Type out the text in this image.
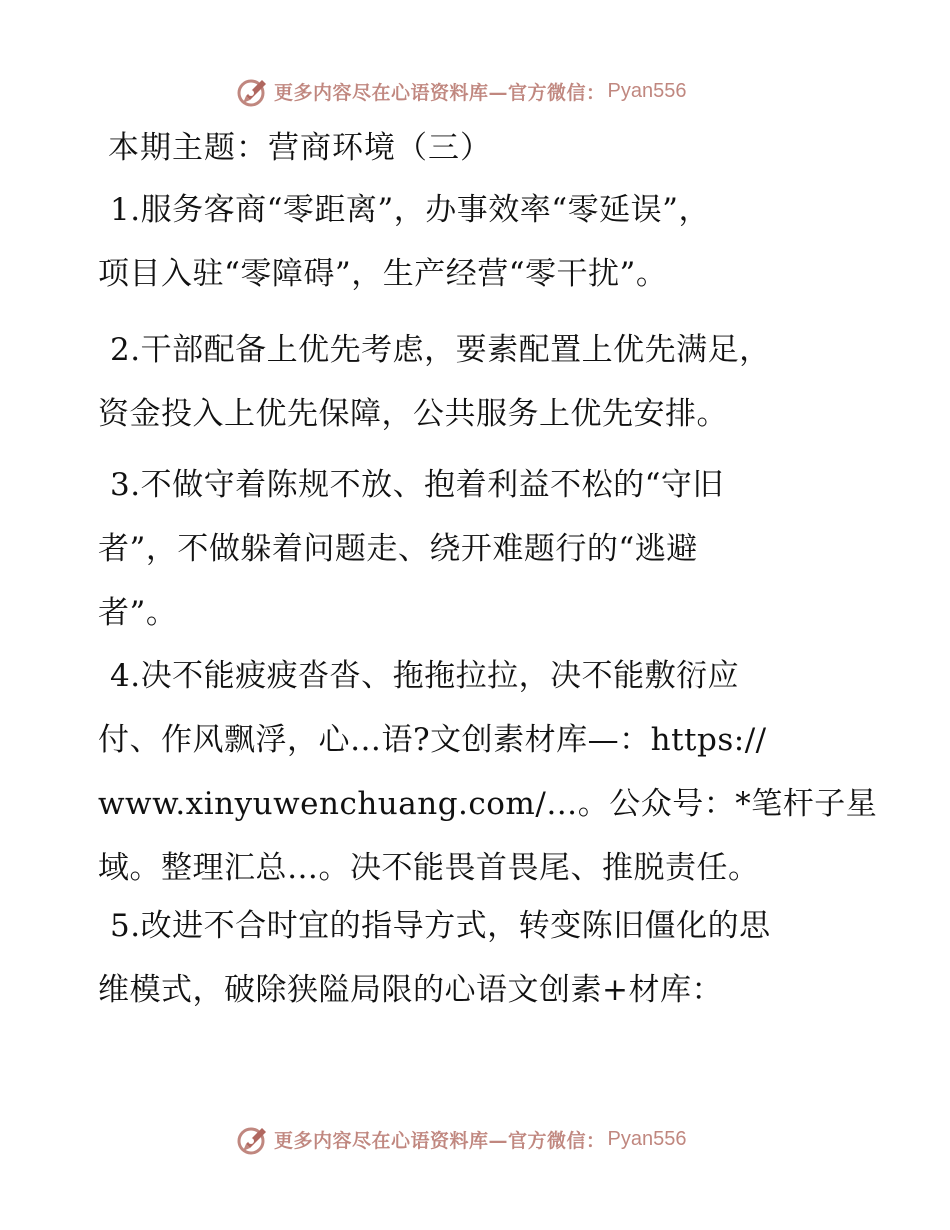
更多内容尽在心语资料库—官方微信： Pyan556
本期主题：营商环境（三）
1.服务客商“零距离”，办事效率“零延误”，
项目入驻“零障碍”，生产经营“零干扰”。
2.干部配备上优先考虑，要素配置上优先满足，
资金投入上优先保障，公共服务上优先安排。
3.不做守着陈规不放、抱着利益不松的“守旧
者”，不做躲着问题走、绕开难题行的“逃避
者”。
4.决不能疲疲沓沓、拖拖拉拉，决不能敷衍应
付、作风飘浮，心…语?文创素材库—：https://
www.xinyuwenchuang.com/…。公众号：*笔杆子星
域。整理汇总…。决不能畏首畏尾、推脱责任。
5.改进不合时宜的指导方式，转变陈旧僵化的思
维模式，破除狭隘局限的心语文创素+材库：
更多内容尽在心语资料库—官方微信： Pyan556
